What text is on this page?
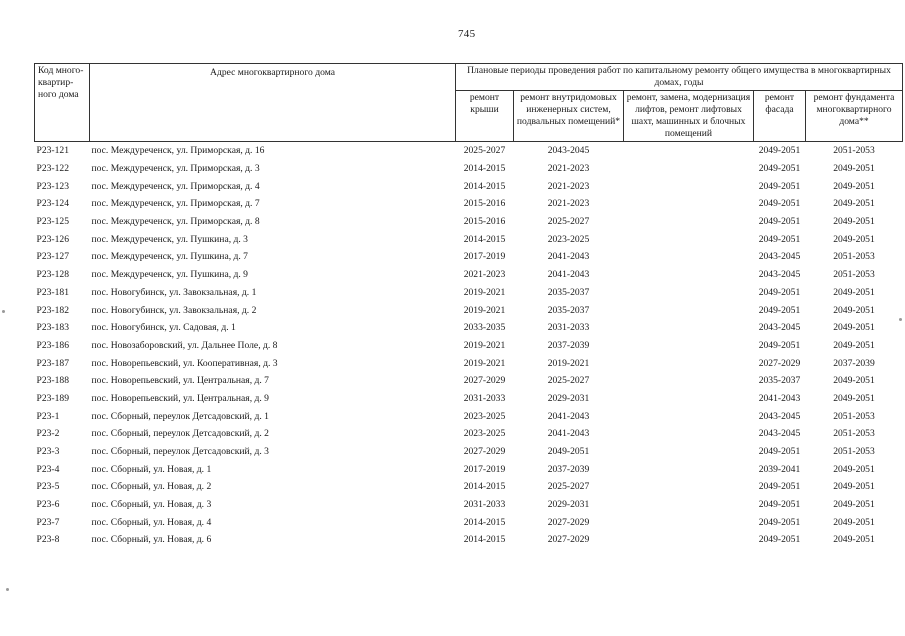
745
Код много-квартир-ного дома	Адрес многоквартирного дома	Плановые периоды проведения работ по капитальному ремонту общего имущества в многоквартирных домах, годы				
		ремонт крыши	ремонт внутридомовых инженерных систем, подвальных помещений*	ремонт, замена, модернизация лифтов, ремонт лифтовых шахт, машинных и блочных помещений	ремонт фасада	ремонт фундамента многоквартирного дома**
Р23-121	пос. Междуреченск, ул. Приморская, д. 16	2025-2027	2043-2045		2049-2051	2051-2053
Р23-122	пос. Междуреченск, ул. Приморская, д. 3	2014-2015	2021-2023		2049-2051	2049-2051
Р23-123	пос. Междуреченск, ул. Приморская, д. 4	2014-2015	2021-2023		2049-2051	2049-2051
Р23-124	пос. Междуреченск, ул. Приморская, д. 7	2015-2016	2021-2023		2049-2051	2049-2051
Р23-125	пос. Междуреченск, ул. Приморская, д. 8	2015-2016	2025-2027		2049-2051	2049-2051
Р23-126	пос. Междуреченск, ул. Пушкина, д. 3	2014-2015	2023-2025		2049-2051	2049-2051
Р23-127	пос. Междуреченск, ул. Пушкина, д. 7	2017-2019	2041-2043		2043-2045	2051-2053
Р23-128	пос. Междуреченск, ул. Пушкина, д. 9	2021-2023	2041-2043		2043-2045	2051-2053
Р23-181	пос. Новогубинск, ул. Завокзальная, д. 1	2019-2021	2035-2037		2049-2051	2049-2051
Р23-182	пос. Новогубинск, ул. Завокзальная, д. 2	2019-2021	2035-2037		2049-2051	2049-2051
Р23-183	пос. Новогубинск, ул. Садовая, д. 1	2033-2035	2031-2033		2043-2045	2049-2051
Р23-186	пос. Новозаборовский, ул. Дальнее Поле, д. 8	2019-2021	2037-2039		2049-2051	2049-2051
Р23-187	пос. Новорепьевский, ул. Кооперативная, д. 3	2019-2021	2019-2021		2027-2029	2037-2039
Р23-188	пос. Новорепьевский, ул. Центральная, д. 7	2027-2029	2025-2027		2035-2037	2049-2051
Р23-189	пос. Новорепьевский, ул. Центральная, д. 9	2031-2033	2029-2031		2041-2043	2049-2051
Р23-1	пос. Сборный, переулок Детсадовский, д. 1	2023-2025	2041-2043		2043-2045	2051-2053
Р23-2	пос. Сборный, переулок Детсадовский, д. 2	2023-2025	2041-2043		2043-2045	2051-2053
Р23-3	пос. Сборный, переулок Детсадовский, д. 3	2027-2029	2049-2051		2049-2051	2051-2053
Р23-4	пос. Сборный, ул. Новая, д. 1	2017-2019	2037-2039		2039-2041	2049-2051
Р23-5	пос. Сборный, ул. Новая, д. 2	2014-2015	2025-2027		2049-2051	2049-2051
Р23-6	пос. Сборный, ул. Новая, д. 3	2031-2033	2029-2031		2049-2051	2049-2051
Р23-7	пос. Сборный, ул. Новая, д. 4	2014-2015	2027-2029		2049-2051	2049-2051
Р23-8	пос. Сборный, ул. Новая, д. 6	2014-2015	2027-2029		2049-2051	2049-2051
